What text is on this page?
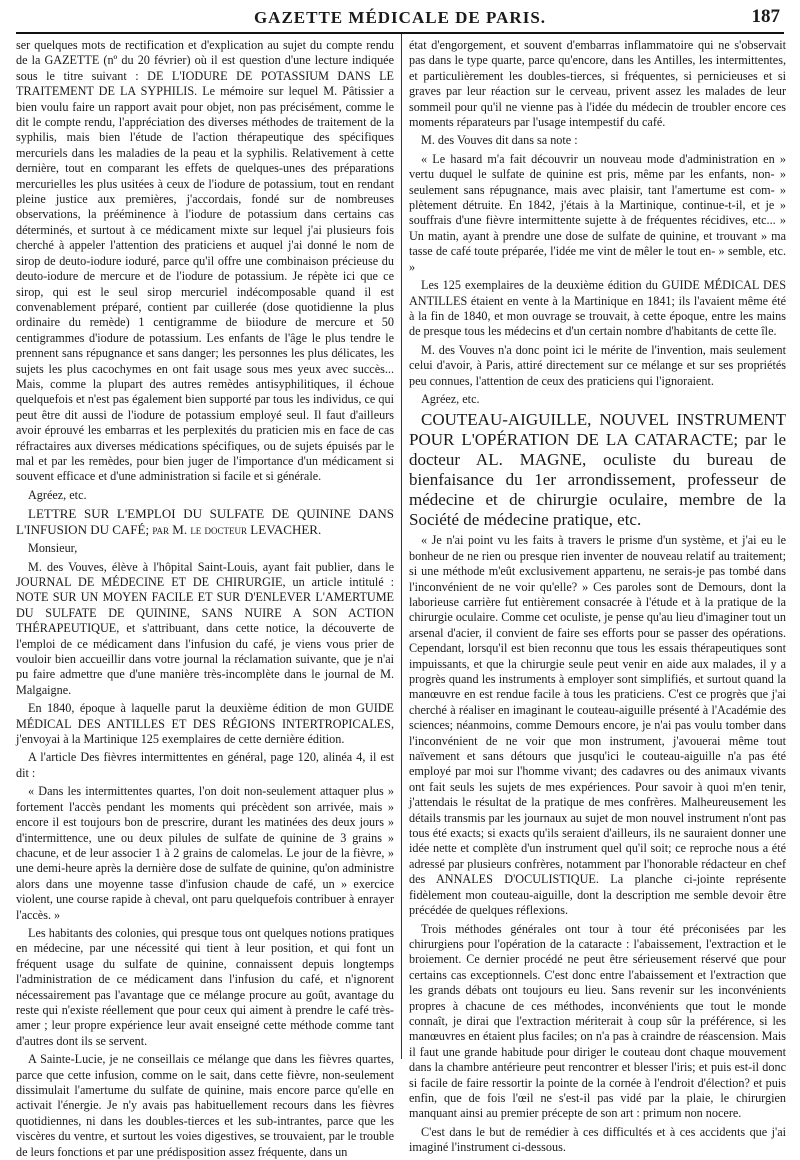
GAZETTE MÉDICALE DE PARIS.	187

ser quelques mots de rectification et d'explication au sujet du compte rendu de la GAZETTE (nº du 20 février) où il est question d'une lecture indiquée sous le titre suivant : DE L'IODURE DE POTASSIUM DANS LE TRAITEMENT DE LA SYPHILIS. Le mémoire sur lequel M. Pâtissier a bien voulu faire un rapport avait pour objet, non pas précisément, comme le dit le compte rendu, l'appréciation des diverses méthodes de traitement de la syphilis, mais bien l'étude de l'action thérapeutique des spécifiques mercuriels dans les maladies de la peau et la syphilis. Relativement à cette dernière, tout en comparant les effets de quelques-unes des préparations mercurielles les plus usitées à ceux de l'iodure de potassium, tout en rendant pleine justice aux premières, j'accordais, fondé sur de nombreuses observations, la prééminence à l'iodure de potassium dans certains cas déterminés, et surtout à ce médicament mixte sur lequel j'ai plusieurs fois cherché à appeler l'attention des praticiens et auquel j'ai donné le nom de sirop de deuto-iodure ioduré, parce qu'il offre une combinaison précieuse du deuto-iodure de mercure et de l'iodure de potassium. Je répète ici que ce sirop, qui est le seul sirop mercuriel indécomposable quand il est convenablement préparé, contient par cuillerée (dose quotidienne la plus ordinaire du remède) 1 centigramme de biiodure de mercure et 50 centigrammes d'iodure de potassium. Les enfants de l'âge le plus tendre le prennent sans répugnance et sans danger; les personnes les plus délicates, les sujets les plus cacochymes en ont fait usage sous mes yeux avec succès... Mais, comme la plupart des autres remèdes antisyphilitiques, il échoue quelquefois et n'est pas également bien supporté par tous les individus, ce qui peut être dit aussi de l'iodure de potassium employé seul. Il faut d'ailleurs avoir éprouvé les embarras et les perplexités du praticien mis en face de cas réfractaires aux diverses médications spécifiques, ou de sujets épuisés par le mal et par les remèdes, pour bien juger de l'importance d'un médicament si souvent efficace et d'une administration si facile et si générale.

Agréez, etc.

LETTRE SUR L'EMPLOI DU SULFATE DE QUININE DANS L'INFUSION DU CAFÉ; par M. le docteur LEVACHER.

Monsieur,

M. des Vouves, élève à l'hôpital Saint-Louis, ayant fait publier, dans le JOURNAL DE MÉDECINE ET DE CHIRURGIE, un article intitulé : NOTE SUR UN MOYEN FACILE ET SUR D'ENLEVER L'AMERTUME DU SULFATE DE QUININE, SANS NUIRE A SON ACTION THÉRAPEUTIQUE, et s'attribuant, dans cette notice, la découverte de l'emploi de ce médicament dans l'infusion du café, je viens vous prier de vouloir bien accueillir dans votre journal la réclamation suivante, que je n'ai pu faire admettre que d'une manière très-incomplète dans le journal de M. Malgaigne.

En 1840, époque à laquelle parut la deuxième édition de mon GUIDE MÉDICAL DES ANTILLES ET DES RÉGIONS INTERTROPICALES, j'envoyai à la Martinique 125 exemplaires de cette dernière édition.

A l'article Des fièvres intermittentes en général, page 120, alinéa 4, il est dit :

« Dans les intermittentes quartes, l'on doit non-seulement attaquer plus » fortement l'accès pendant les moments qui précèdent son arrivée, mais » encore il est toujours bon de prescrire, durant les matinées des deux jours » d'intermittence, une ou deux pilules de sulfate de quinine de 3 grains » chacune, et de leur associer 1 à 2 grains de calomelas. Le jour de la fièvre, » une demi-heure après la dernière dose de sulfate de quinine, qu'on administre alors dans une moyenne tasse d'infusion chaude de café, un » exercice violent, une course rapide à cheval, ont paru quelquefois contribuer à enrayer l'accès. »

Les habitants des colonies, qui presque tous ont quelques notions pratiques en médecine, par une nécessité qui tient à leur position, et qui font un fréquent usage du sulfate de quinine, connaissent depuis longtemps l'administration de ce médicament dans l'infusion du café, et n'ignorent nécessairement pas l'avantage que ce mélange procure au goût, avantage du reste qui n'existe réellement que pour ceux qui aiment à prendre le café très-amer ; leur propre expérience leur avait enseigné cette méthode comme tant d'autres dont ils se servent.

A Sainte-Lucie, je ne conseillais ce mélange que dans les fièvres quartes, parce que cette infusion, comme on le sait, dans cette fièvre, non-seulement dissimulait l'amertume du sulfate de quinine, mais encore parce qu'elle en activait l'énergie. Je n'y avais pas habituellement recours dans les fièvres quotidiennes, ni dans les doubles-tierces et les sub-intrantes, parce que les viscères du ventre, et surtout les voies digestives, se trouvaient, par le trouble de leurs fonctions et par une prédisposition assez fréquente, dans un

état d'engorgement, et souvent d'embarras inflammatoire qui ne s'observait pas dans le type quarte, parce qu'encore, dans les Antilles, les intermittentes, et particulièrement les doubles-tierces, si fréquentes, si pernicieuses et si graves par leur réaction sur le cerveau, privent assez les malades de leur sommeil pour qu'il ne vienne pas à l'idée du médecin de troubler encore ces moments réparateurs par l'usage intempestif du café.

M. des Vouves dit dans sa note :

« Le hasard m'a fait découvrir un nouveau mode d'administration en » vertu duquel le sulfate de quinine est pris, même par les enfants, non- » seulement sans répugnance, mais avec plaisir, tant l'amertume est com- » plètement détruite. En 1842, j'étais à la Martinique, continue-t-il, et je » souffrais d'une fièvre intermittente sujette à de fréquentes récidives, etc... » Un matin, ayant à prendre une dose de sulfate de quinine, et trouvant » ma tasse de café toute préparée, l'idée me vint de mêler le tout en- » semble, etc. »

Les 125 exemplaires de la deuxième édition du GUIDE MÉDICAL DES ANTILLES étaient en vente à la Martinique en 1841; ils l'avaient même été à la fin de 1840, et mon ouvrage se trouvait, à cette époque, entre les mains de presque tous les médecins et d'un certain nombre d'habitants de cette île.

M. des Vouves n'a donc point ici le mérite de l'invention, mais seulement celui d'avoir, à Paris, attiré directement sur ce mélange et sur ses propriétés peu connues, l'attention de ceux des praticiens qui l'ignoraient.

Agréez, etc.

COUTEAU-AIGUILLE, NOUVEL INSTRUMENT POUR L'OPÉRATION DE LA CATARACTE; par le docteur AL. MAGNE, oculiste du bureau de bienfaisance du 1er arrondissement, professeur de médecine et de chirurgie oculaire, membre de la Société de médecine pratique, etc.

« Je n'ai point vu les faits à travers le prisme d'un système, et j'ai eu le bonheur de ne rien ou presque rien inventer de nouveau relatif au traitement; si une méthode m'eût exclusivement appartenu, ne serais-je pas tombé dans l'inconvénient de ne voir qu'elle? » Ces paroles sont de Demours, dont la laborieuse carrière fut entièrement consacrée à l'étude et à la pratique de la chirurgie oculaire. Comme cet oculiste, je pense qu'au lieu d'imaginer tout un arsenal d'acier, il convient de faire ses efforts pour se passer des opérations. Cependant, lorsqu'il est bien reconnu que tous les essais thérapeutiques sont impuissants, et que la chirurgie seule peut venir en aide aux malades, il y a progrès quand les instruments à employer sont simplifiés, et surtout quand la manœuvre en est rendue facile à tous les praticiens. C'est ce progrès que j'ai cherché à réaliser en imaginant le couteau-aiguille présenté à l'Académie des sciences; néanmoins, comme Demours encore, je n'ai pas voulu tomber dans l'inconvénient de ne voir que mon instrument, j'avouerai même tout naïvement et sans détours que jusqu'ici le couteau-aiguille n'a pas été employé par moi sur l'homme vivant; des cadavres ou des animaux vivants ont fait seuls les sujets de mes expériences. Pour savoir à quoi m'en tenir, j'attendais le résultat de la pratique de mes confrères. Malheureusement les détails transmis par les journaux au sujet de mon nouvel instrument n'ont pas tous été exacts; si exacts qu'ils seraient d'ailleurs, ils ne sauraient donner une idée nette et complète d'un instrument quel qu'il soit; ce reproche nous a été adressé par plusieurs confrères, notamment par l'honorable rédacteur en chef des ANNALES D'OCULISTIQUE. La planche ci-jointe représente fidèlement mon couteau-aiguille, dont la description me semble devoir être précédée de quelques réflexions.

Trois méthodes générales ont tour à tour été préconisées par les chirurgiens pour l'opération de la cataracte : l'abaissement, l'extraction et le broiement. Ce dernier procédé ne peut être sérieusement réservé que pour certains cas exceptionnels. C'est donc entre l'abaissement et l'extraction que les grands débats ont toujours eu lieu. Sans revenir sur les inconvénients propres à chacune de ces méthodes, inconvénients que tout le monde connaît, je dirai que l'extraction mériterait à coup sûr la préférence, si les manœuvres en étaient plus faciles; on n'a pas à craindre de réascension. Mais il faut une grande habitude pour diriger le couteau dont chaque mouvement dans la chambre antérieure peut rencontrer et blesser l'iris; et puis est-il donc si facile de faire ressortir la pointe de la cornée à l'endroit d'élection? et puis enfin, que de fois l'œil ne s'est-il pas vidé par la plaie, le chirurgien manquant ainsi au premier précepte de son art : primum non nocere.

C'est dans le but de remédier à ces difficultés et à ces accidents que j'ai imaginé l'instrument ci-dessous.
